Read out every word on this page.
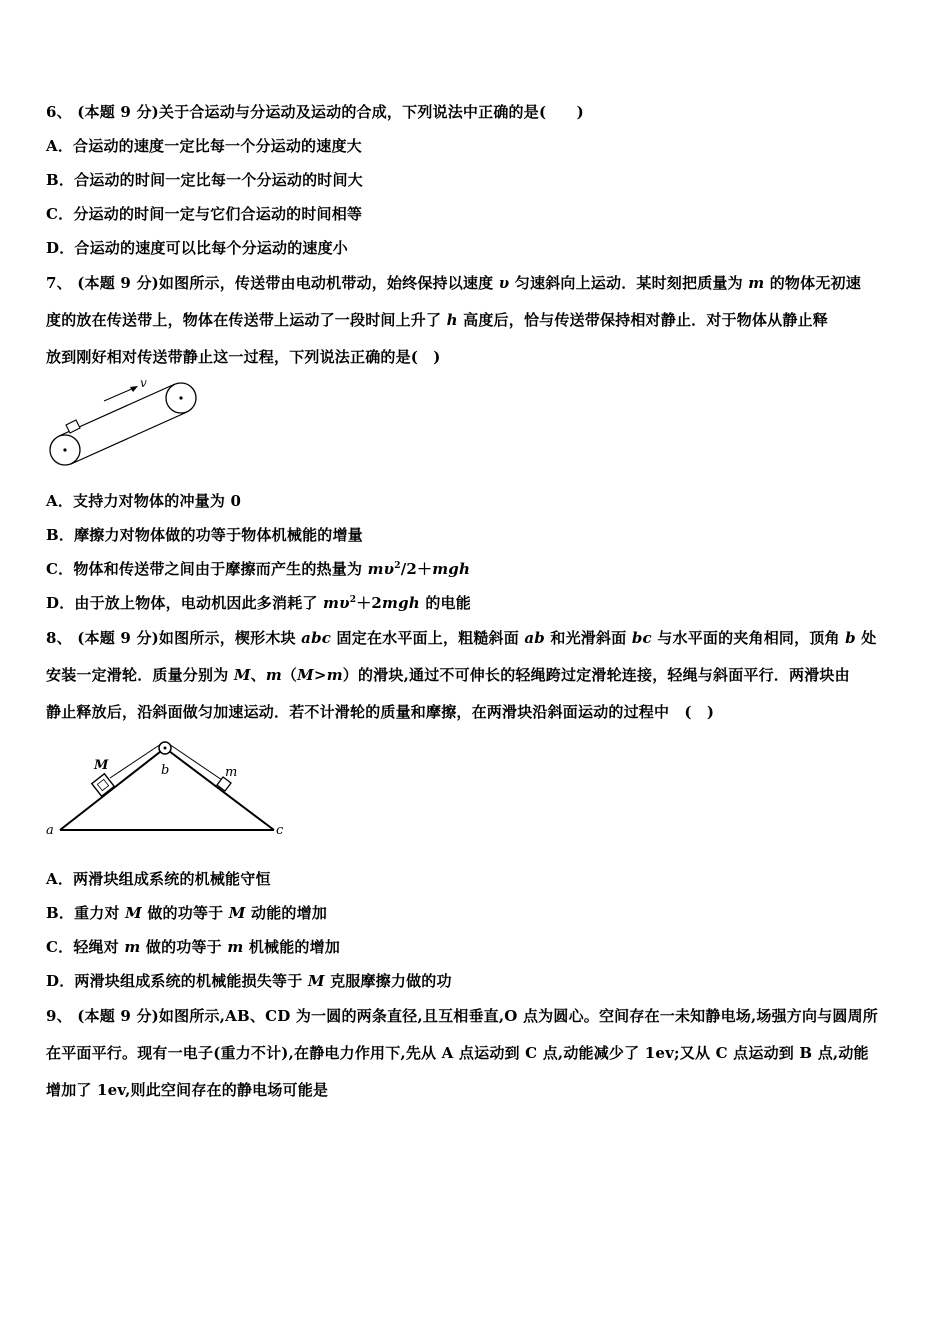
6、 (本题 9 分)关于合运动与分运动及运动的合成，下列说法中正确的是(　　)
A．合运动的速度一定比每一个分运动的速度大
B．合运动的时间一定比每一个分运动的时间大
C．分运动的时间一定与它们合运动的时间相等
D．合运动的速度可以比每个分运动的速度小
7、 (本题 9 分)如图所示，传送带由电动机带动，始终保持以速度 υ 匀速斜向上运动．某时刻把质量为 m 的物体无初速
度的放在传送带上，物体在传送带上运动了一段时间上升了 h 高度后，恰与传送带保持相对静止．对于物体从静止释
放到刚好相对传送带静止这一过程，下列说法正确的是(　)
v
A．支持力对物体的冲量为 0
B．摩擦力对物体做的功等于物体机械能的增量
C．物体和传送带之间由于摩擦而产生的热量为 $m\upsilon^2/2+mgh$
D．由于放上物体，电动机因此多消耗了 $m\upsilon^2+2mgh$ 的电能
8、 (本题 9 分)如图所示，楔形木块 abc 固定在水平面上，粗糙斜面 ab 和光滑斜面 bc 与水平面的夹角相同，顶角 b 处
安装一定滑轮．质量分别为 M、m（M>m）的滑块,通过不可伸长的轻绳跨过定滑轮连接，轻绳与斜面平行．两滑块由
静止释放后，沿斜面做匀加速运动．若不计滑轮的质量和摩擦，在两滑块沿斜面运动的过程中　(　)
M	b	m
a	c
A．两滑块组成系统的机械能守恒
B．重力对 M 做的功等于 M 动能的增加
C．轻绳对 m 做的功等于 m 机械能的增加
D．两滑块组成系统的机械能损失等于 M 克服摩擦力做的功
9、 (本题 9 分)如图所示,AB、CD 为一圆的两条直径,且互相垂直,O 点为圆心。空间存在一未知静电场,场强方向与圆周所
在平面平行。现有一电子(重力不计),在静电力作用下,先从 A 点运动到 C 点,动能减少了 1ev;又从 C 点运动到 B 点,动能
增加了 1ev,则此空间存在的静电场可能是
